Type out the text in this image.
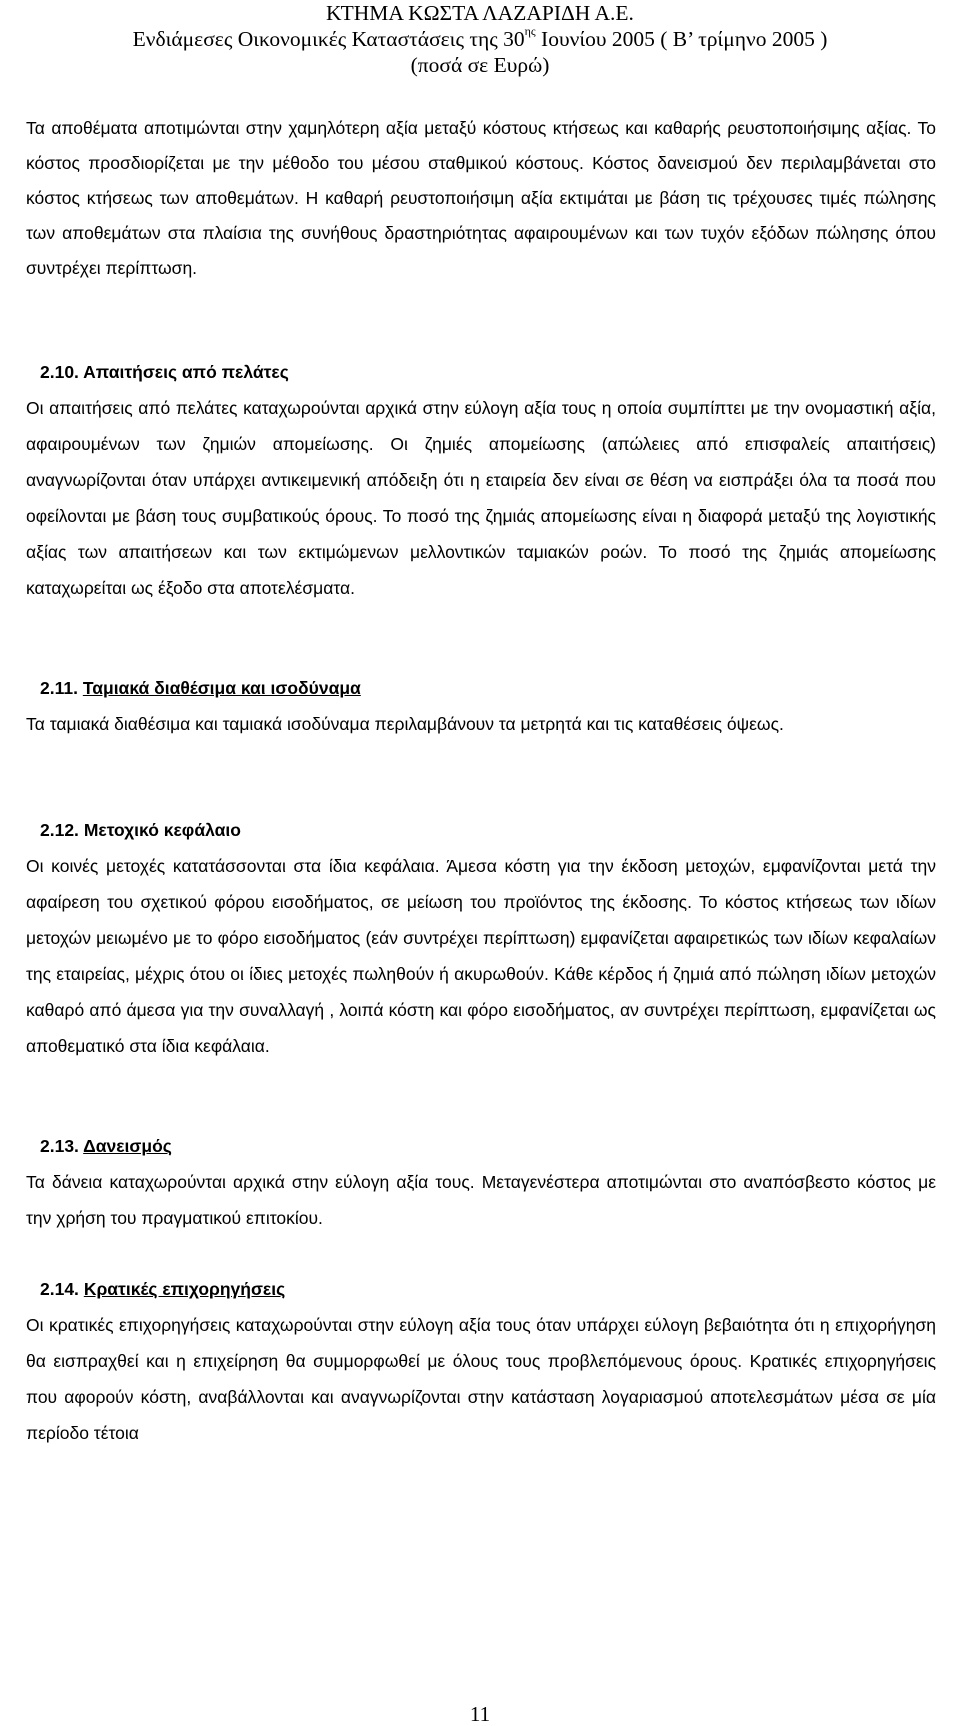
ΚΤΗΜΑ ΚΩΣΤΑ ΛΑΖΑΡΙΔΗ Α.Ε.
Ενδιάμεσες Οικονομικές Καταστάσεις της $30^{\eta\varsigma}$ Ιουνίου 2005 ( Β’ τρίμηνο 2005 )
(ποσά σε Ευρώ)

Τα αποθέματα αποτιμώνται στην χαμηλότερη αξία μεταξύ κόστους κτήσεως και καθαρής ρευστοποιήσιμης αξίας. Το κόστος προσδιορίζεται με την μέθοδο του μέσου σταθμικού κόστους. Κόστος δανεισμού δεν περιλαμβάνεται στο κόστος κτήσεως των αποθεμάτων. Η καθαρή ρευστοποιήσιμη αξία εκτιμάται με βάση τις τρέχουσες τιμές πώλησης των αποθεμάτων στα πλαίσια της συνήθους δραστηριότητας αφαιρουμένων και των τυχόν εξόδων πώλησης όπου συντρέχει περίπτωση.

2.10. Απαιτήσεις από πελάτες

Οι απαιτήσεις από πελάτες καταχωρούνται αρχικά στην εύλογη αξία τους η οποία συμπίπτει με την ονομαστική αξία, αφαιρουμένων των ζημιών απομείωσης. Οι ζημιές απομείωσης (απώλειες από επισφαλείς απαιτήσεις) αναγνωρίζονται όταν υπάρχει αντικειμενική απόδειξη ότι η εταιρεία δεν είναι σε θέση να εισπράξει όλα τα ποσά που οφείλονται με βάση τους συμβατικούς όρους. Το ποσό της ζημιάς απομείωσης είναι η διαφορά μεταξύ της λογιστικής αξίας των απαιτήσεων και των εκτιμώμενων μελλοντικών ταμιακών ροών. Το ποσό της ζημιάς απομείωσης καταχωρείται ως έξοδο στα αποτελέσματα.

2.11. Ταμιακά διαθέσιμα και ισοδύναμα

Τα ταμιακά διαθέσιμα και ταμιακά ισοδύναμα περιλαμβάνουν τα μετρητά και τις καταθέσεις όψεως.

2.12. Μετοχικό κεφάλαιο

Οι κοινές μετοχές κατατάσσονται στα ίδια κεφάλαια. Άμεσα κόστη για την έκδοση μετοχών, εμφανίζονται μετά την αφαίρεση του σχετικού φόρου εισοδήματος, σε μείωση του προϊόντος της έκδοσης. Το κόστος κτήσεως των ιδίων μετοχών μειωμένο με το φόρο εισοδήματος (εάν συντρέχει περίπτωση) εμφανίζεται αφαιρετικώς των ιδίων κεφαλαίων της εταιρείας, μέχρις ότου οι ίδιες μετοχές πωληθούν ή ακυρωθούν. Κάθε κέρδος ή ζημιά από πώληση ιδίων μετοχών καθαρό από άμεσα για την συναλλαγή , λοιπά κόστη και φόρο εισοδήματος, αν συντρέχει περίπτωση, εμφανίζεται ως αποθεματικό στα ίδια κεφάλαια.

2.13. Δανεισμός

Τα δάνεια καταχωρούνται αρχικά στην εύλογη αξία τους. Μεταγενέστερα αποτιμώνται στο αναπόσβεστο κόστος με την χρήση του πραγματικού επιτοκίου.

2.14. Κρατικές επιχορηγήσεις

Οι κρατικές επιχορηγήσεις καταχωρούνται στην εύλογη αξία τους όταν υπάρχει εύλογη βεβαιότητα ότι η επιχορήγηση θα εισπραχθεί και η επιχείρηση θα συμμορφωθεί με όλους τους προβλεπόμενους όρους. Κρατικές επιχορηγήσεις που αφορούν κόστη, αναβάλλονται και αναγνωρίζονται στην κατάσταση λογαριασμού αποτελεσμάτων μέσα σε μία περίοδο τέτοια

11
